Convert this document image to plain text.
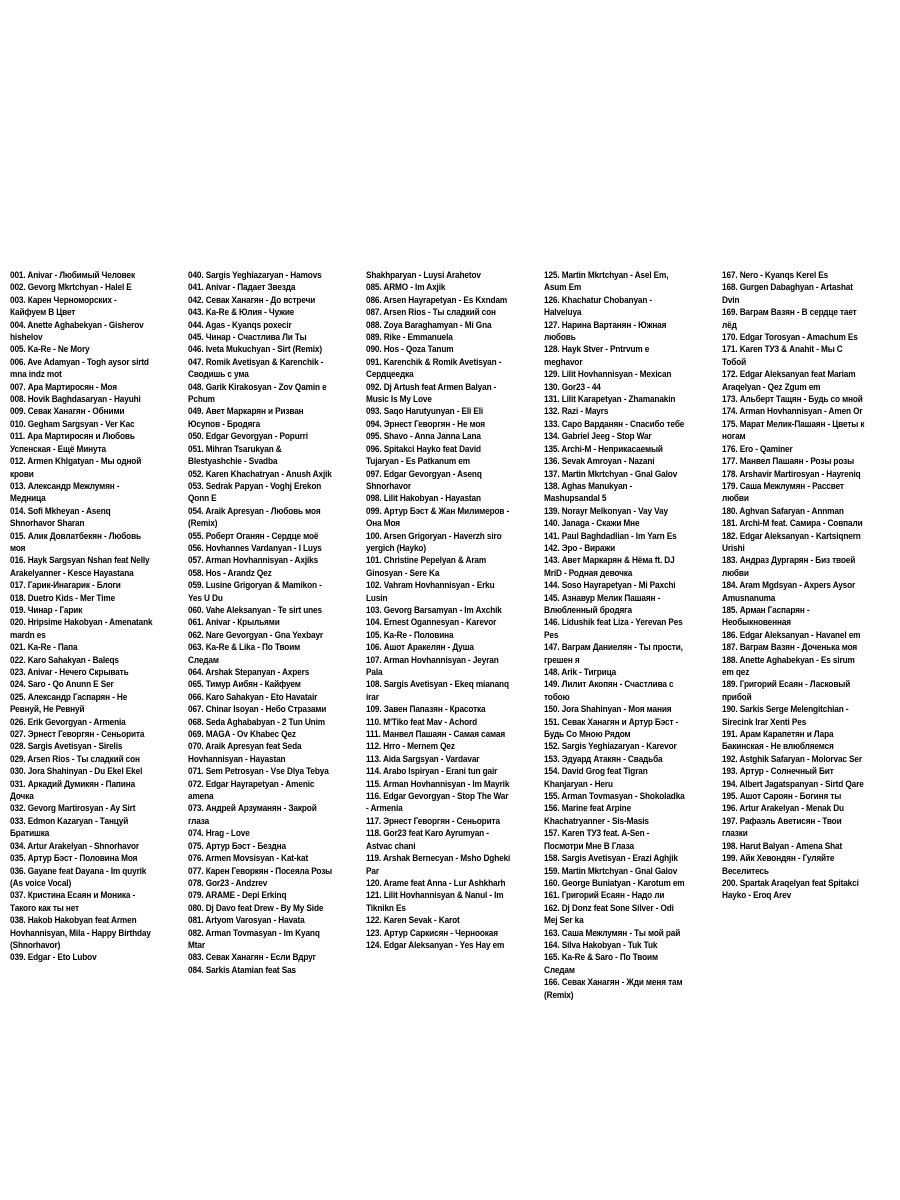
001. Anivar - Любимый Человек
002. Gevorg Mkrtchyan - Halel E
003. Карен Черноморских - Кайфуем В Цвет
004. Anette Aghabekyan - Gisherov hishelov
005. Ka-Re - Ne Mory
006. Ave Adamyan - Togh aysor sirtd mna indz mot
007. Ара Мартиросян - Моя
008. Hovik Baghdasaryan - Hayuhi
009. Севак Ханагян - Обними
010. Gegham Sargsyan - Ver Kac
011. Ара Мартиросян и Любовь Успенская - Ещё Минута
012. Armen Khlgatyan - Мы одной крови
013. Александр Межлумян - Медница
014. Sofi Mkheyan - Asenq Shnorhavor Sharan
015. Алик Довлатбекян - Любовь моя
016. Hayk Sargsyan Nshan feat Nelly Arakelyanner - Kesce Hayastana
017. Гарик-Инагарик - Блоги
018. Duetro Kids - Mer Time
019. Чинар - Гарик
020. Hripsime Hakobyan - Amenatank mardn es
021. Ka-Re - Папа
022. Karo Sahakyan - Baleqs
023. Anivar - Нечего Скрывать
024. Saro - Qo Anunn E Ser
025. Александр Гаспарян - Не Ревнуй, Не Ревнуй
026. Erik Gevorgyan - Armenia
027. Эрнест Геворгян - Сеньорита
028. Sargis Avetisyan - Sirelis
029. Arsen Rios - Ты сладкий сон
030. Jora Shahinyan - Du Ekel Ekel
031. Аркадий Думикян - Папина Дочка
032. Gevorg Martirosyan - Ay Sirt
033. Edmon Kazaryan - Танцуй Братишка
034. Artur Arakelyan - Shnorhavor
035. Артур Бэст - Половина Моя
036. Gayane feat Dayana - Im quyrik (As voice Vocal)
037. Кристина Есаян и Моника - Такого как ты нет
038. Hakob Hakobyan feat Armen Hovhannisyan, Mila - Happy Birthday (Shnorhavor)
039. Edgar - Eto Lubov
040. Sargis Yeghiazaryan - Hamovs
041. Anivar - Падает Звезда
042. Севак Ханагян - До встречи
043. Ka-Re & Юлия - Чужие
044. Agas - Kyanqs poxecir
045. Чинар - Счастлива Ли Ты
046. Iveta Mukuchyan - Sirt (Remix)
047. Romik Avetisyan & Karenchik - Сводишь с ума
048. Garik Kirakosyan - Zov Qamin e Pchum
049. Авет Маркарян и Ризван Юсупов - Бродяга
050. Edgar Gevorgyan - Popurri
051. Mihran Tsarukyan & Blestyashchie - Svadba
052. Karen Khachatryan - Anush Axjik
053. Sedrak Papyan - Voghj Erekon Qonn E
054. Araik Apresyan - Любовь моя (Remix)
055. Роберт Оганян - Сердце моё
056. Hovhannes Vardanyan - I Luys
057. Arman Hovhannisyan - Axjiks
058. Hos - Arandz Qez
059. Lusine Grigoryan & Mamikon - Yes U Du
060. Vahe Aleksanyan - Te sirt unes
061. Anivar - Крыльями
062. Nare Gevorgyan - Gna Yexbayr
063. Ka-Re & Lika - По Твоим Следам
064. Arshak Stepanyan - Axpers
065. Тимур Аибян - Кайфуем
066. Karo Sahakyan - Eto Havatair
067. Chinar Isoyan - Небо Стразами
068. Seda Aghababyan - 2 Tun Unim
069. MAGA - Ov Khabec Qez
070. Araik Apresyan feat Seda Hovhannisyan - Hayastan
071. Sem Petrosyan - Vse Dlya Tebya
072. Edgar Hayrapetyan - Amenic amena
073. Андрей Арзуманян - Закрой глаза
074. Hrag - Love
075. Артур Бэст - Бездна
076. Armen Movsisyan - Kat-kat
077. Карен Геворкян - Посеяла Розы
078. Gor23 - Andzrev
079. ARAME - Depi Erkinq
080. Dj Davo feat Drew - By My Side
081. Artyom Varosyan - Havata
082. Arman Tovmasyan - Im Kyanq Mtar
083. Севак Ханагян - Если Вдруг
084. Sarkis Atamian feat Sas
Shakhparyan - Luysi Arahetov
085. ARMO - Im Axjik
086. Arsen Hayrapetyan - Es Kxndam
087. Arsen Rios - Ты сладкий сон
088. Zoya Baraghamyan - Mi Gna
089. Rike - Emmanuela
090. Hos - Qoza Tanum
091. Karenchik & Romik Avetisyan - Сердцеедка
092. Dj Artush feat Armen Balyan - Music Is My Love
093. Saqo Harutyunyan - Eli Eli
094. Эрнест Геворгян - Не моя
095. Shavo - Anna Janna Lana
096. Spitakci Hayko feat David Tujaryan - Es Patkanum em
097. Edgar Gevorgyan - Asenq Shnorhavor
098. Lilit Hakobyan - Hayastan
099. Артур Бэст & Жан Милимеров - Она Моя
100. Arsen Grigoryan - Haverzh siro yergich (Hayko)
101. Christine Pepelyan & Aram Ginosyan - Sere Ka
102. Vahram Hovhannisyan - Erku Lusin
103. Gevorg Barsamyan - Im Axchik
104. Ernest Ogannesyan - Karevor
105. Ka-Re - Половина
106. Ашот Аракелян - Душа
107. Arman Hovhannisyan - Jeyran Pala
108. Sargis Avetisyan - Ekeq miananq irar
109. Завен Папазян - Красотка
110. M'Tiko feat Mav - Achord
111. Манвел Пашаян - Самая самая
112. Hrro - Mernem Qez
113. Aida Sargsyan - Vardavar
114. Arabo Ispiryan - Erani tun gair
115. Arman Hovhannisyan - Im Mayrik
116. Edgar Gevorgyan - Stop The War - Armenia
117. Эрнест Геворгян - Сеньорита
118. Gor23 feat Karo Ayrumyan - Astvac chani
119. Arshak Bernecyan - Msho Dgheki Par
120. Arame feat Anna - Lur Ashkharh
121. Lilit Hovhannisyan & Nanul - Im Tiknikn Es
122. Karen Sevak - Karot
123. Артур Саркисян - Черноокая
124. Edgar Aleksanyan - Yes Hay em
125. Martin Mkrtchyan - Asel Em, Asum Em
126. Khachatur Chobanyan - Halveluya
127. Нарина Вартанян - Южная любовь
128. Hayk Stver - Pntrvum e meghavor
129. Lilit Hovhannisyan - Mexican
130. Gor23 - 44
131. Lilit Karapetyan - Zhamanakin
132. Razi - Mayrs
133. Саро Варданян - Спасибо тебе
134. Gabriel Jeeg - Stop War
135. Archi-M - Неприкасаемый
136. Sevak Amroyan - Nazani
137. Martin Mkrtchyan - Gnal Galov
138. Aghas Manukyan - Mashupsandal 5
139. Norayr Melkonyan - Vay Vay
140. Janaga - Скажи Мне
141. Paul Baghdadlian - Im Yarn Es
142. Эрo - Виражи
143. Авет Маркарян & Нёма ft. DJ MriD - Родная девочка
144. Soso Hayrapetyan - Mi Paxchi
145. Азнавур Мелик Пашаян - Влюбленный бродяга
146. Lidushik feat Liza - Yerevan Pes Pes
147. Ваграм Даниелян - Ты прости, грешен я
148. Arik - Тигрица
149. Лилит Акопян - Счастлива с тобою
150. Jora Shahinyan - Моя мания
151. Севак Ханагян и Артур Бэст - Будь Со Мною Рядом
152. Sargis Yeghiazaryan - Karevor
153. Эдуард Атакян - Свадьба
154. David Grog feat Tigran Khanjaryan - Heru
155. Arman Tovmasyan - Shokoladka
156. Marine feat Arpine Khachatryanner - Sis-Masis
157. Karen ТУ3 feat. A-Sen - Посмотри Мне В Глаза
158. Sargis Avetisyan - Erazi Aghjik
159. Martin Mkrtchyan - Gnal Galov
160. George Buniatyan - Karotum em
161. Григорий Есаян - Надо ли
162. Dj Donz feat Sone Silver - Odi Mej Ser ka
163. Саша Межлумян - Ты мой рай
164. Silva Hakobyan - Tuk Tuk
165. Ka-Re & Saro - По Твоим Следам
166. Севак Ханагян - Жди меня там (Remix)
167. Nero - Kyanqs Kerel Es
168. Gurgen Dabaghyan - Artashat Dvin
169. Ваграм Вазян - В сердце тает лёд
170. Edgar Torosyan - Amachum Es
171. Karen ТУ3 & Anahit - Мы С Тобой
172. Edgar Aleksanyan feat Mariam Araqelyan - Qez Zgum em
173. Альберт Тащян - Будь со мной
174. Arman Hovhannisyan - Amen Or
175. Марат Мелик-Пашаян - Цветы к ногам
176. Ero - Qaminer
177. Манвел Пашаян - Розы розы
178. Arshavir Martirosyan - Hayreniq
179. Саша Межлумян - Рассвет любви
180. Aghvan Safaryan - Annman
181. Archi-M feat. Самира - Совпали
182. Edgar Aleksanyan - Kartsiqnern Urishi
183. Андраз Дургарян - Биз твоей любви
184. Aram Mgdsyan - Axpers Aysor Amusnanuma
185. Арман Гаспарян - Необыкновенная
186. Edgar Aleksanyan - Havanel em
187. Ваграм Вазян - Доченька моя
188. Anette Aghabekyan - Es sirum em qez
189. Григорий Есаян - Ласковый прибой
190. Sarkis Serge Melengitchian - Sirecink Irar Xenti Pes
191. Арам Карапетян и Лара Бакинская - Не влюбляемся
192. Astghik Safaryan - Molorvac Ser
193. Артур - Солнечный Бит
194. Albert Jagatspanyan - Sirtd Qare
195. Ашот Сароян - Богиня ты
196. Artur Arakelyan - Menak Du
197. Рафаэль Аветисян - Твои глазки
198. Harut Balyan - Amena Shat
199. Айк Хевондян - Гуляйте Веселитесь
200. Spartak Araqelyan feat Spitakci Hayko - Eroq Arev
